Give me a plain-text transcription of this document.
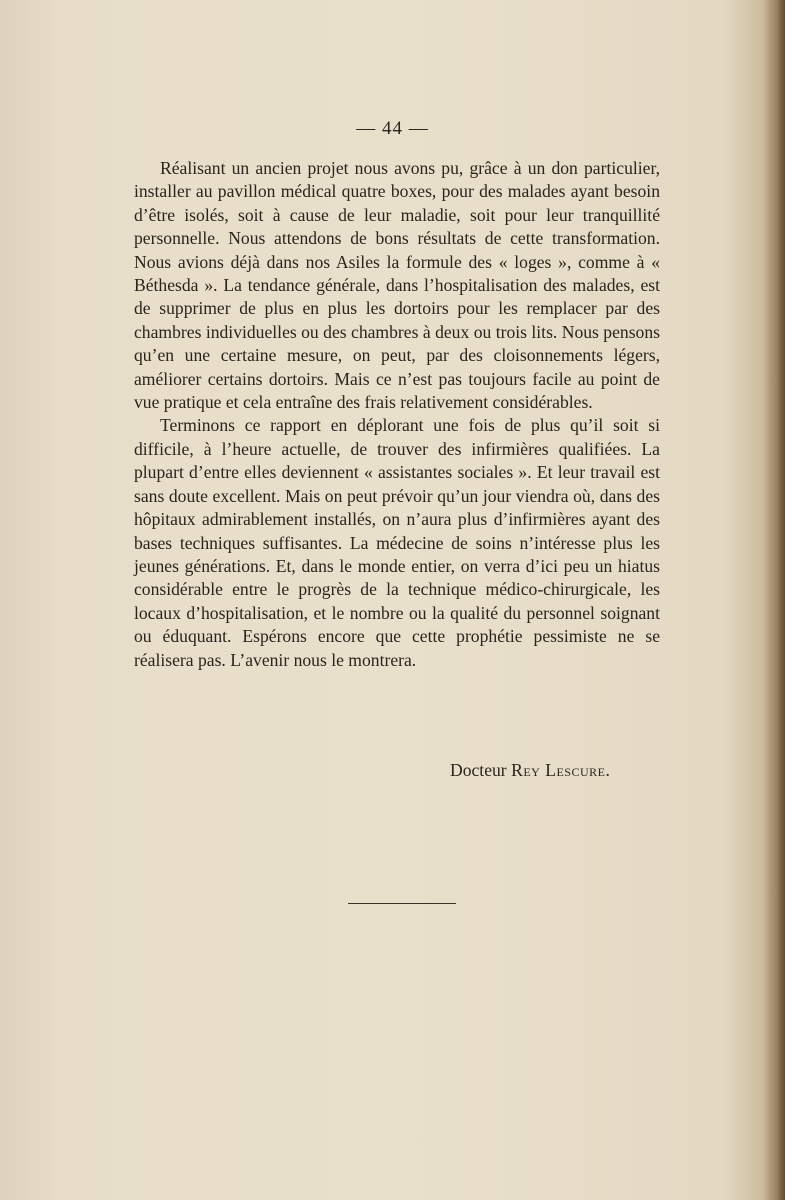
— 44 —

Réalisant un ancien projet nous avons pu, grâce à un don particulier, installer au pavillon médical quatre boxes, pour des malades ayant besoin d’être isolés, soit à cause de leur maladie, soit pour leur tranquillité personnelle. Nous attendons de bons résultats de cette transformation. Nous avions déjà dans nos Asiles la formule des « loges », comme à « Béthesda ». La tendance générale, dans l’hospitalisation des malades, est de supprimer de plus en plus les dortoirs pour les remplacer par des chambres individuelles ou des chambres à deux ou trois lits. Nous pensons qu’en une certaine mesure, on peut, par des cloisonnements légers, améliorer certains dortoirs. Mais ce n’est pas toujours facile au point de vue pratique et cela entraîne des frais relativement considérables.

Terminons ce rapport en déplorant une fois de plus qu’il soit si difficile, à l’heure actuelle, de trouver des infirmières qualifiées. La plupart d’entre elles deviennent « assistantes sociales ». Et leur travail est sans doute excellent. Mais on peut prévoir qu’un jour viendra où, dans des hôpitaux admirablement installés, on n’aura plus d’infirmières ayant des bases techniques suffisantes. La médecine de soins n’intéresse plus les jeunes générations. Et, dans le monde entier, on verra d’ici peu un hiatus considérable entre le progrès de la technique médico-chirurgicale, les locaux d’hospitalisation, et le nombre ou la qualité du personnel soignant ou éduquant. Espérons encore que cette prophétie pessimiste ne se réalisera pas. L’avenir nous le montrera.

Docteur Rey Lescure.
